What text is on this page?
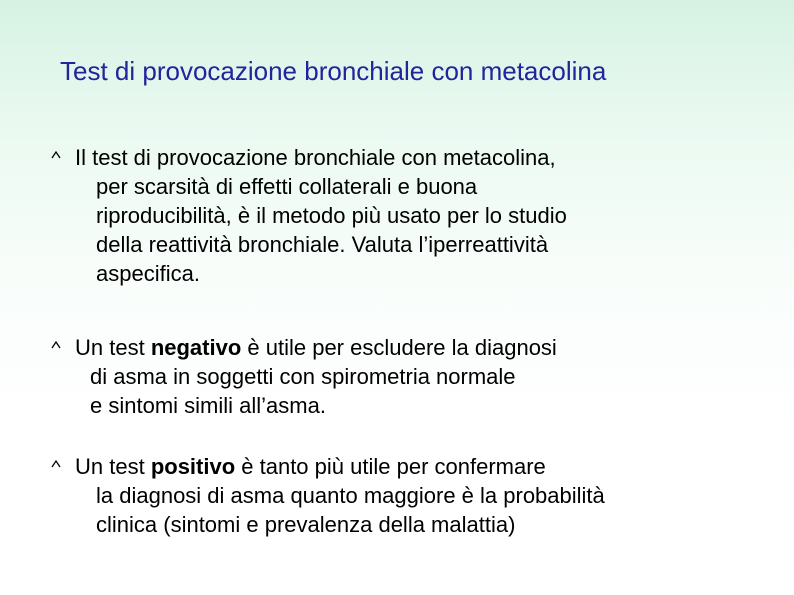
Test di provocazione bronchiale con metacolina
Il test di provocazione bronchiale con metacolina,
per scarsità di effetti collaterali e buona
riproducibilità, è il metodo più usato per lo studio
della reattività bronchiale. Valuta l’iperreattività
aspecifica.
Un test negativo è utile per escludere la diagnosi
di asma in soggetti con spirometria normale
e sintomi simili all’asma.
Un test positivo è tanto più utile per confermare
la diagnosi di asma quanto maggiore è la probabilità
clinica (sintomi e prevalenza della malattia)
